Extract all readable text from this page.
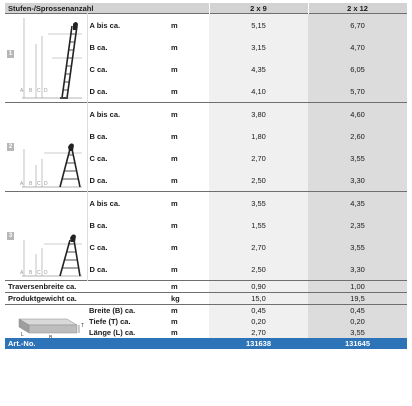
Stufen-/Sprossenanzahl				2 x 9	2 x 12

1	A B C D	A bis ca.	m	5,15	6,70
		B ca.	m	3,15	4,70
		C ca.	m	4,35	6,05
		D ca.	m	4,10	5,70

2	A B C D	A bis ca.	m	3,80	4,60
		B ca.	m	1,80	2,60
		C ca.	m	2,70	3,55
		D ca.	m	2,50	3,30

3	A B C D	A bis ca.	m	3,55	4,35
		B ca.	m	1,55	2,35
		C ca.	m	2,70	3,55
		D ca.	m	2,50	3,30
Traversenbreite ca.			m	0,90	1,00
Produktgewicht ca.			kg	15,0	19,5

T
L		Breite (B) ca.	m	0,45	0,45
		Tiefe (T) ca.	m	0,20	0,20
		Länge (L) ca.	m	2,70	3,55
Art.-No.				131638	131645
